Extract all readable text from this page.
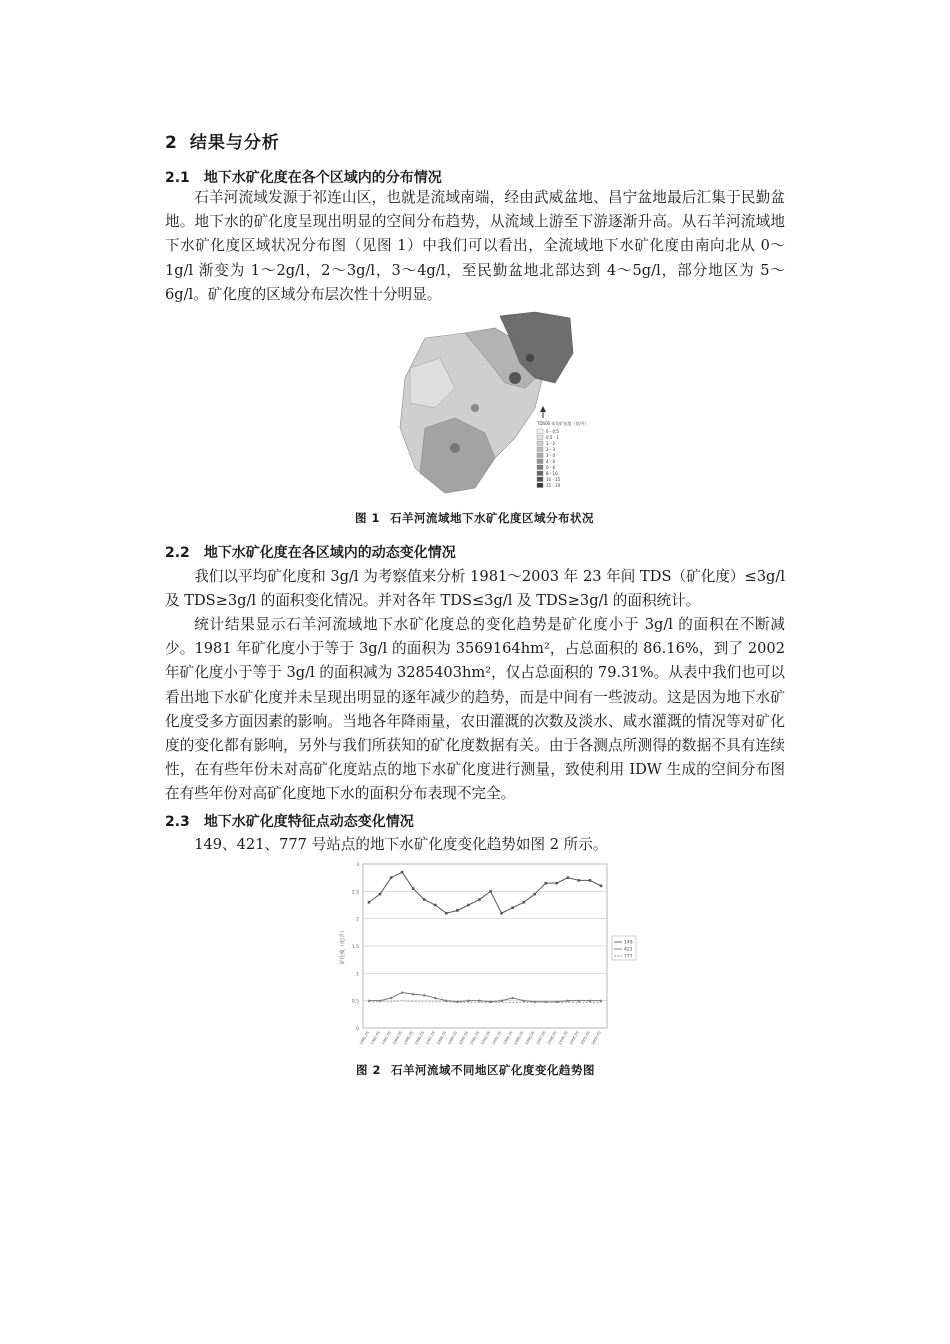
2 结果与分析
2.1 地下水矿化度在各个区域内的分布情况

石羊河流域发源于祁连山区，也就是流域南端，经由武威盆地、昌宁盆地最后汇集于民勤盆地。地下水的矿化度呈现出明显的空间分布趋势，从流域上游至下游逐渐升高。从石羊河流域地下水矿化度区域状况分布图（见图 1）中我们可以看出，全流域地下水矿化度由南向北从 0～1g/l 渐变为 1～2g/l，2～3g/l，3～4g/l，至民勤盆地北部达到 4～5g/l，部分地区为 5～6g/l。矿化度的区域分布层次性十分明显。

TDS00 年均矿化度（克/升）
0 - 0.5
0.5 - 1
1 - 2
2 - 3
3 - 4
4 - 6
6 - 8
8 - 10
10 - 15
15 - 20
图 1 石羊河流域地下水矿化度区域分布状况
2.2 地下水矿化度在各区域内的动态变化情况

我们以平均矿化度和 3g/l 为考察值来分析 1981～2003 年 23 年间 TDS（矿化度）≤3g/l 及 TDS≥3g/l 的面积变化情况。并对各年 TDS≤3g/l 及 TDS≥3g/l 的面积统计。

统计结果显示石羊河流域地下水矿化度总的变化趋势是矿化度小于 3g/l 的面积在不断减少。1981 年矿化度小于等于 3g/l 的面积为 3569164hm²，占总面积的 86.16%，到了 2002 年矿化度小于等于 3g/l 的面积减为 3285403hm²，仅占总面积的 79.31%。从表中我们也可以看出地下水矿化度并未呈现出明显的逐年减少的趋势，而是中间有一些波动。这是因为地下水矿化度受多方面因素的影响。当地各年降雨量，农田灌溉的次数及淡水、咸水灌溉的情况等对矿化度的变化都有影响，另外与我们所获知的矿化度数据有关。由于各测点所测得的数据不具有连续性，在有些年份未对高矿化度站点的地下水矿化度进行测量，致使利用 IDW 生成的空间分布图在有些年份对高矿化度地下水的面积分布表现不完全。

2.3 地下水矿化度特征点动态变化情况

149、421、777 号站点的地下水矿化度变化趋势如图 2 所示。

0
0.5
1
1.5
2
2.5
3
矿化度（克/升）
1981.05 1982.05 1983.05 1984.05 1985.05 1986.05 1987.05 1988.05 1989.05 1990.05 1991.05 1992.05 1993.05 1994.05 1995.05 1996.05 1997.05 1998.05 1999.05 2000.05 2001.05 2002.05
149
421
777
图 2 石羊河流域不同地区矿化度变化趋势图
